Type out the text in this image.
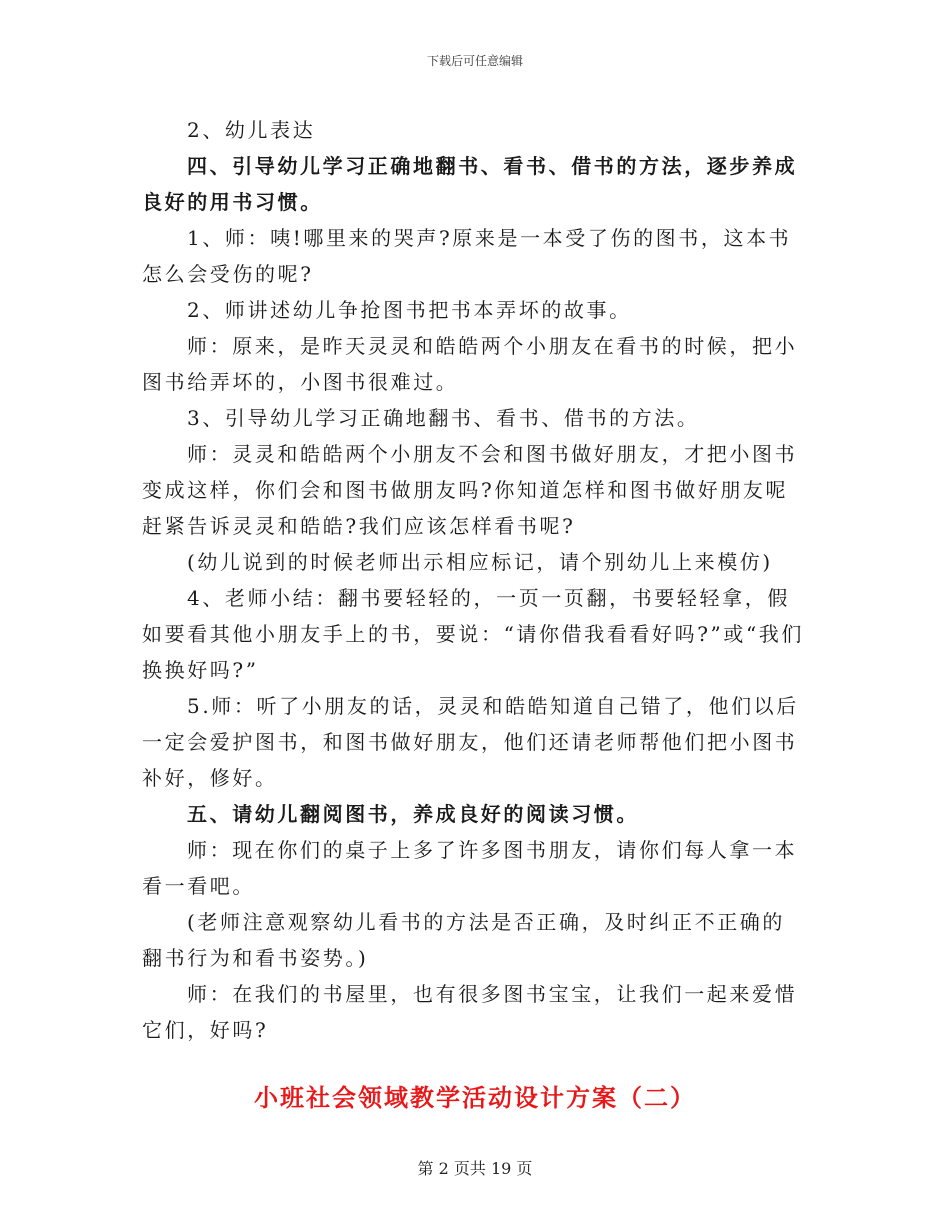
下载后可任意编辑

2、幼儿表达

四、引导幼儿学习正确地翻书、看书、借书的方法，逐步养成良好的用书习惯。

1、师：咦!哪里来的哭声?原来是一本受了伤的图书，这本书怎么会受伤的呢?

2、师讲述幼儿争抢图书把书本弄坏的故事。

师：原来，是昨天灵灵和皓皓两个小朋友在看书的时候，把小图书给弄坏的，小图书很难过。

3、引导幼儿学习正确地翻书、看书、借书的方法。

师：灵灵和皓皓两个小朋友不会和图书做好朋友，才把小图书变成这样，你们会和图书做朋友吗?你知道怎样和图书做好朋友呢赶紧告诉灵灵和皓皓?我们应该怎样看书呢?

(幼儿说到的时候老师出示相应标记，请个别幼儿上来模仿)

4、老师小结：翻书要轻轻的，一页一页翻，书要轻轻拿，假如要看其他小朋友手上的书，要说：“请你借我看看好吗?”或“我们换换好吗?”

5.师：听了小朋友的话，灵灵和皓皓知道自己错了，他们以后一定会爱护图书，和图书做好朋友，他们还请老师帮他们把小图书补好，修好。

五、请幼儿翻阅图书，养成良好的阅读习惯。

师：现在你们的桌子上多了许多图书朋友，请你们每人拿一本看一看吧。

(老师注意观察幼儿看书的方法是否正确，及时纠正不正确的翻书行为和看书姿势。)

师：在我们的书屋里，也有很多图书宝宝，让我们一起来爱惜它们，好吗?

小班社会领域教学活动设计方案（二）
第 2 页共 19 页
